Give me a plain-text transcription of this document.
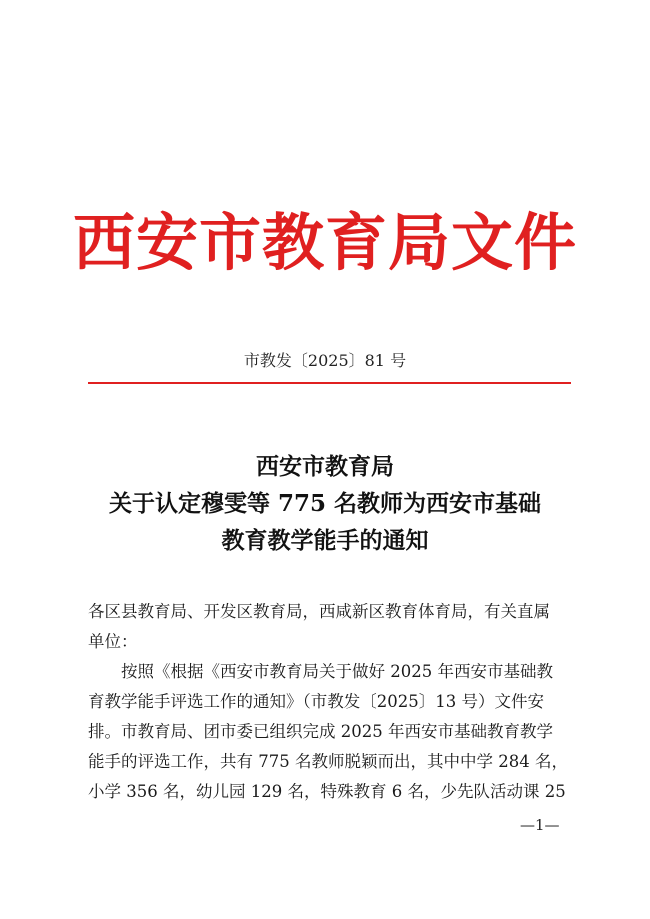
西安市教育局文件
市教发〔2025〕81 号
西安市教育局
关于认定穆雯等 775 名教师为西安市基础
教育教学能手的通知
各区县教育局、开发区教育局，西咸新区教育体育局，有关直属
单位：
按照《根据《西安市教育局关于做好 2025 年西安市基础教
育教学能手评选工作的通知》（市教发〔2025〕13 号）文件安
排。市教育局、团市委已组织完成 2025 年西安市基础教育教学
能手的评选工作，共有 775 名教师脱颖而出，其中中学 284 名，
小学 356 名，幼儿园 129 名，特殊教育 6 名，少先队活动课 25
—1—
